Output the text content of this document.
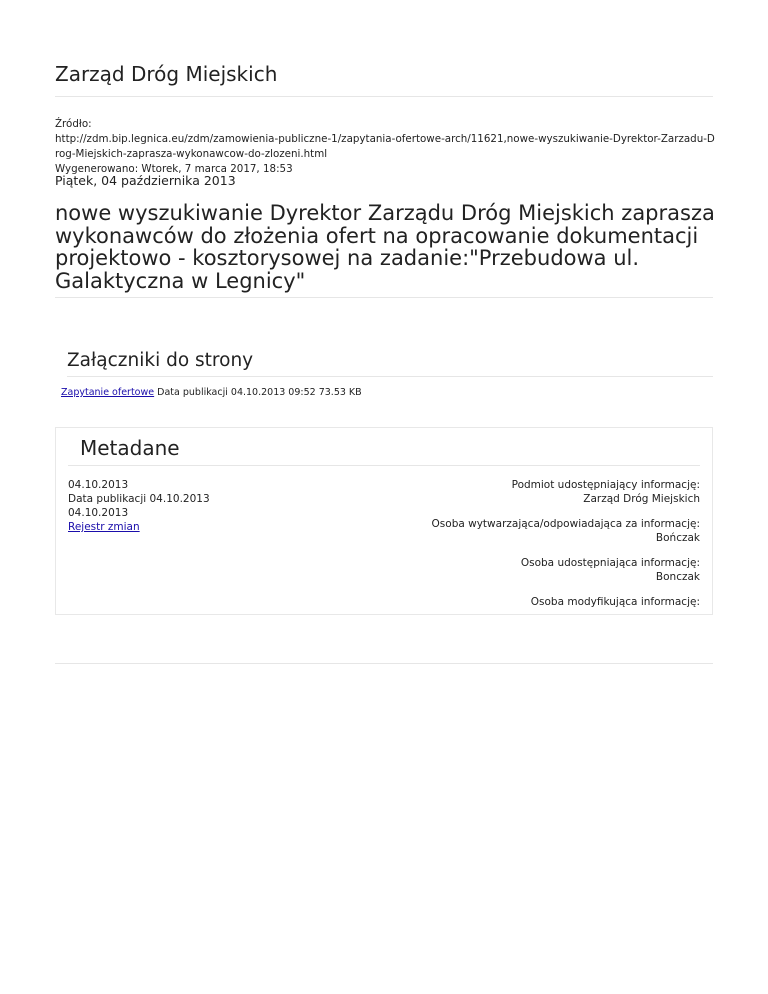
Zarząd Dróg Miejskich
Źródło:
http://zdm.bip.legnica.eu/zdm/zamowienia-publiczne-1/zapytania-ofertowe-arch/11621,nowe-wyszukiwanie-Dyrektor-Zarzadu-Drog-Miejskich-zaprasza-wykonawcow-do-zlozeni.html
Wygenerowano: Wtorek, 7 marca 2017, 18:53
Piątek, 04 października 2013
nowe wyszukiwanie Dyrektor Zarządu Dróg Miejskich zaprasza wykonawców do złożenia ofert na opracowanie dokumentacji projektowo - kosztorysowej na zadanie:"Przebudowa ul. Galaktyczna w Legnicy"
Załączniki do strony
Zapytanie ofertowe Data publikacji 04.10.2013 09:52 73.53 KB
Metadane
04.10.2013
Data publikacji 04.10.2013
04.10.2013
Rejestr zmian
Podmiot udostępniający informację:
Zarząd Dróg Miejskich
Osoba wytwarzająca/odpowiadająca za informację:
Bończak
Osoba udostępniająca informację:
Bonczak
Osoba modyfikująca informację:
